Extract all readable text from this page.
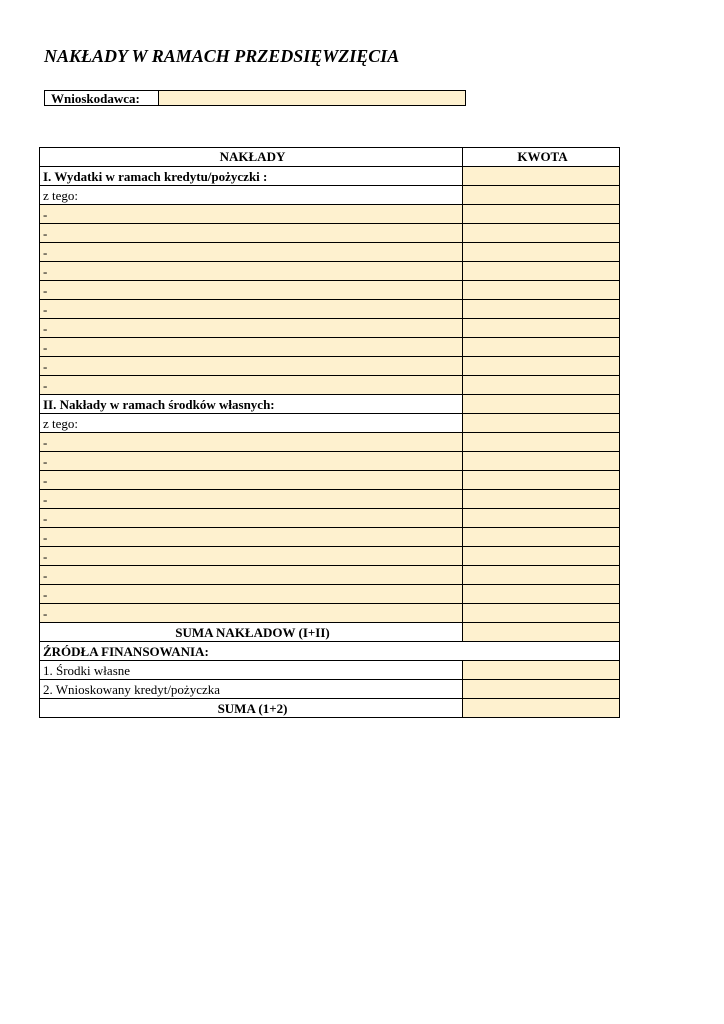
NAKŁADY W RAMACH PRZEDSIĘWZIĘCIA
Wnioskodawca:
NAKŁADY	KWOTA
I. Wydatki w ramach kredytu/pożyczki :	
z tego:	
-	
-	
-	
-	
-	
-	
-	
-	
-	
-	
II. Nakłady w ramach środków własnych:	
z tego:	
-	
-	
-	
-	
-	
-	
-	
-	
-	
-	
SUMA NAKŁADOW (I+II)	
ŹRÓDŁA FINANSOWANIA:	
1. Środki własne	
2. Wnioskowany kredyt/pożyczka	
SUMA (1+2)	
